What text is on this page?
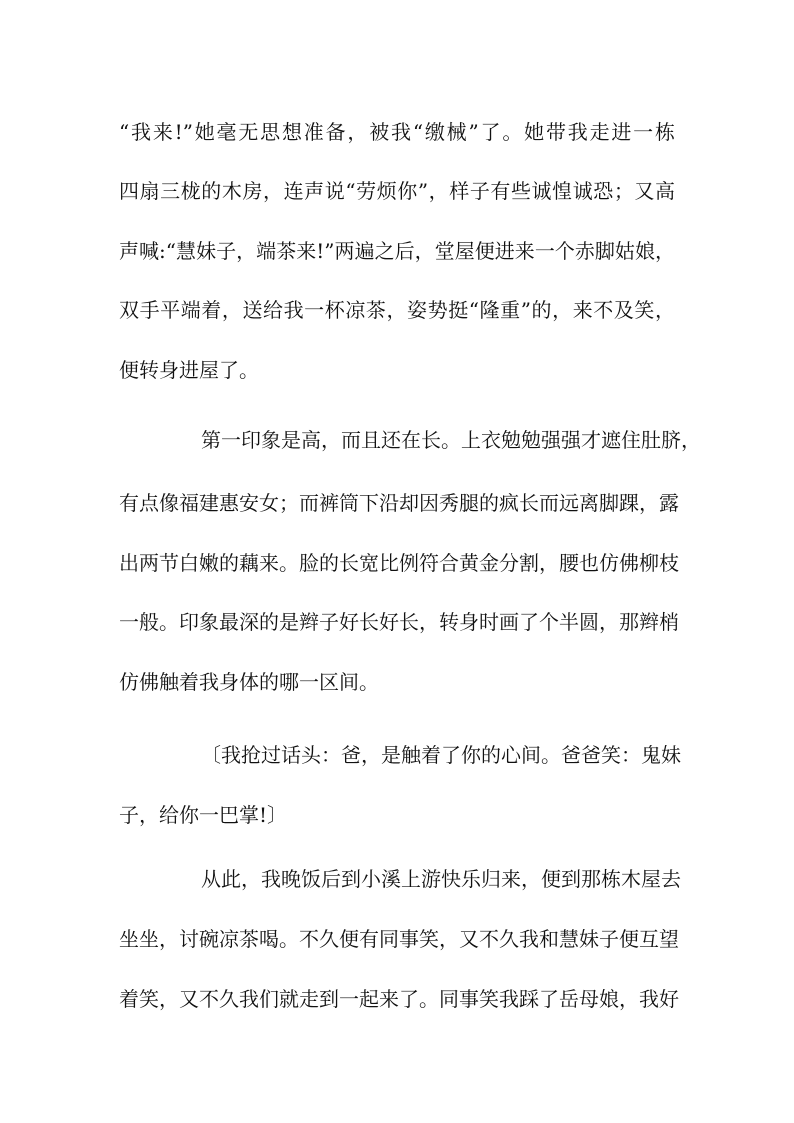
“我来!”她毫无思想准备，被我“缴械”了。她带我走进一栋
四扇三栊的木房，连声说“劳烦你”，样子有些诚惶诚恐；又高
声喊:“慧妹子，端茶来!”两遍之后，堂屋便进来一个赤脚姑娘，
双手平端着，送给我一杯凉茶，姿势挺“隆重”的，来不及笑，
便转身进屋了。
第一印象是高，而且还在长。上衣勉勉强强才遮住肚脐，
有点像福建惠安女；而裤筒下沿却因秀腿的疯长而远离脚踝，露
出两节白嫩的藕来。脸的长宽比例符合黄金分割，腰也仿佛柳枝
一般。印象最深的是辫子好长好长，转身时画了个半圆，那辫梢
仿佛触着我身体的哪一区间。
〔我抢过话头：爸，是触着了你的心间。爸爸笑：鬼妹
子，给你一巴掌!〕
从此，我晚饭后到小溪上游快乐归来，便到那栋木屋去
坐坐，讨碗凉茶喝。不久便有同事笑，又不久我和慧妹子便互望
着笑，又不久我们就走到一起来了。同事笑我踩了岳母娘，我好
